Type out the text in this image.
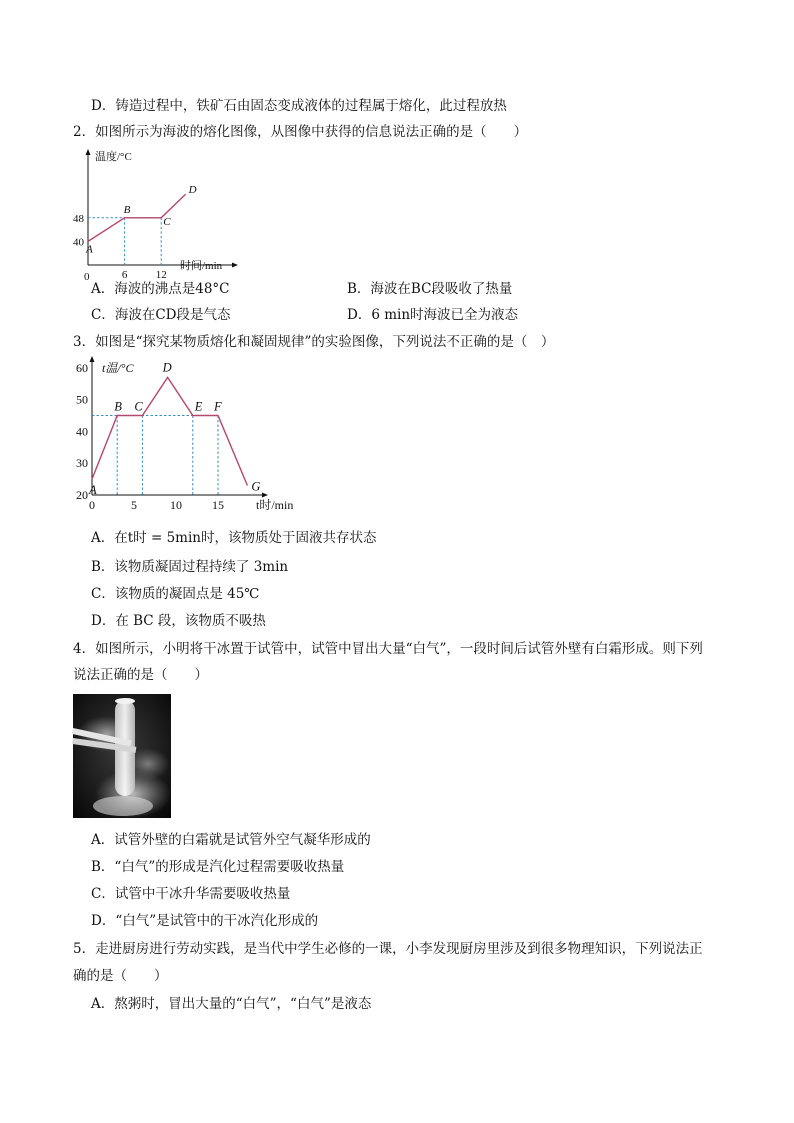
D．铸造过程中，铁矿石由固态变成液体的过程属于熔化，此过程放热
2．如图所示为海波的熔化图像，从图像中获得的信息说法正确的是（　　）
温度/°C
时间/min
0
A
B
C
D
6	12
40
48
A．海波的沸点是48°C	B．海波在BC段吸收了热量
C．海波在CD段是气态	D．6 min时海波已全为液态
3．如图是“探究某物质熔化和凝固规律”的实验图像，下列说法不正确的是（　）
t温/°C
t时/min
A
B C
D
E F
G
0	5	10	15
20
30
40
50
60
A．在t时 = 5min时，该物质处于固液共存状态
B．该物质凝固过程持续了 3min
C．该物质的凝固点是 45℃
D．在 BC 段，该物质不吸热
4．如图所示，小明将干冰置于试管中，试管中冒出大量“白气”，一段时间后试管外壁有白霜形成。则下列
说法正确的是（　　）
A．试管外壁的白霜就是试管外空气凝华形成的
B．“白气”的形成是汽化过程需要吸收热量
C．试管中干冰升华需要吸收热量
D．“白气”是试管中的干冰汽化形成的
5．走进厨房进行劳动实践，是当代中学生必修的一课，小李发现厨房里涉及到很多物理知识，下列说法正
确的是（　　）
A．熬粥时，冒出大量的“白气”，“白气”是液态
